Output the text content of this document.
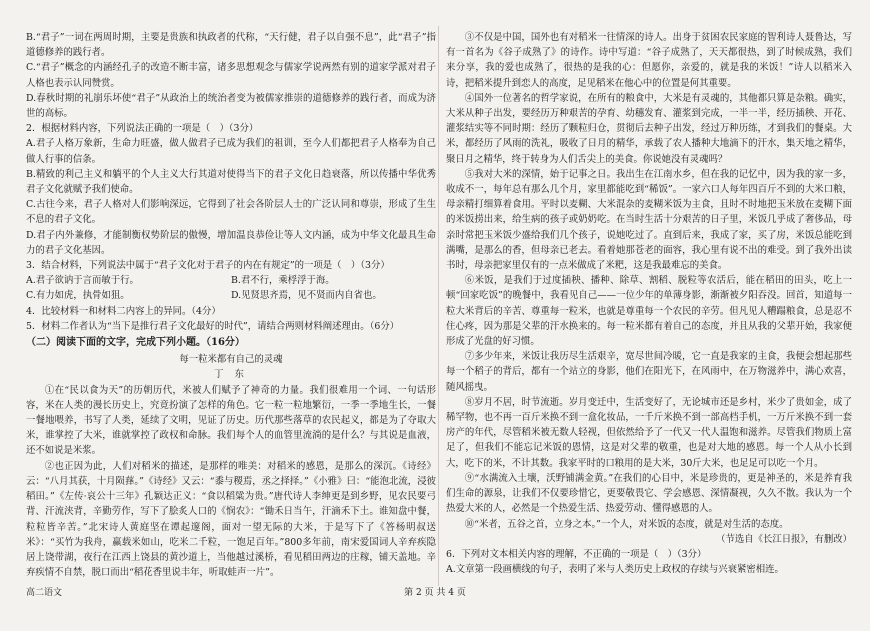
B.“君子”一词在两周时期，主要是贵族和执政者的代称，“天行健，君子以自强不息”，此“君子”指道德修养的践行者。

C.“君子”概念的内涵经孔子的改造不断丰富，诸多思想观念与儒家学说两然有别的道家学派对君子人格也表示认同赞赏。

D.春秋时期的礼崩乐坏使“君子”从政治上的统治者变为被儒家推崇的道德修养的践行者，而成为济世的高标。

2．根据材料内容，下列说法正确的一项是（　）（3分）

A.君子人格万象新，生命力旺盛，做人做君子已成为我们的祖训，至今人们都把君子人格奉为自己做人行事的信条。

B.精致的利己主义和躺平的个人主义大行其道对使得当下的君子文化日趋衰落，所以传播中华优秀君子文化就赋予我们使命。

C.古往今来，君子人格对人们影响深远，它得到了社会各阶层人士的广泛认同和尊崇，形成了生生不息的君子文化。

D.君子内外兼修，才能制衡权势阶层的傲慢，增加温良恭俭让等人文内涵，成为中华文化最具生命力的君子文化基因。

3．结合材料，下列说法中属于“君子文化对于君子的内在有规定”的一项是（　）（3分）

A.君子欲讷于言而敏于行。	B.君不行，乘桴浮于海。

C.有力如虎，执骨如狙。	D.见贤思齐焉，见不贤而内自省也。

4．比较材料一和材料二内容上的异同。（4分）

5．材料二作者认为“当下是推行君子文化最好的时代”，请结合两则材料阐述理由。（6分）

（二）阅读下面的文字，完成下列小题。（16分）

每一粒米都有自己的灵魂

丁 东

①在“民以食为天”的历朝历代，米被人们赋予了神奇的力量。我们很难用一个词、一句话形容，米在人类的漫长历史上，究竟扮演了怎样的角色。它一粒一粒地繁衍，一季一季地生长，一餐一餐地喂养，书写了人类，延续了文明，见证了历史。历代那些落草的农民起义，都是为了夺取大米，谁掌控了大米，谁就掌控了政权和命脉。我们每个人的血管里流淌的是什么？与其说是血液，还不如说是米浆。

②也正因为此，人们对稻米的描述，是那样的唯美：对稻米的感恩，是那么的深沉。《诗经》云：“八月其获，十月陨萚。”《诗经》又云：“黍与稷焉，丞之择择。”《小雅》曰：“能泡北流，浸彼稻田。”《左传·哀公十三年》孔颖达正义：“食以稻粱为贵。”唐代诗人李绅更是到乡野，见农民要弓背、汗流浃背，辛勤劳作，写下了脍炙人口的《悯农》：“锄禾日当午，汗滴禾下土。谁知盘中餐，粒粒皆辛苦。”北宋诗人黄庭坚在谭起邃阁，面对一望无际的大米，于是写下了《答杨明叔送米》：“买竹为我舟，赢载米如山，吃米二千粒，一饱足百年。”800多年前，南宋爱国词人辛弃疾隐居上饶带湖，夜行在江西上饶县的黄沙道上，当他越过溪桥，看见稻田两边的庄稼，铺天盖地。辛弃疾情不自禁，脱口而出“稻花香里说丰年，听取蛙声一片”。

③不仅是中国，国外也有对稻米一往情深的诗人。出身于贫困农民家庭的智利诗人聂鲁达，写有一首名为《谷子成熟了》的诗作。诗中写道：“谷子成熟了，天天都很热，到了时候成熟，我们来分享，我的爱也成熟了，很热的是我的心：但愿你，亲爱的，就是我的米饭！”诗人以稻米入诗，把稻米提升到恋人的高度，足见稻米在他心中的位置是何其重要。

④国外一位著名的哲学家说，在所有的粮食中，大米是有灵魂的，其他都只算是杂粮。确实，大米从种子出发，要经历万种艰苦的孕育、幼穗发育、灌浆到完成，一半一半，经历插秧、开花、灌浆结实等不同时期：经历了颗粒归仓，贯彻后去种子出发，经过万种历练，才到我们的餐桌。大米，都经历了风雨的洗礼，吸收了日月的精华，承载了农人播种大地滴下的汗水，集天地之精华，聚日月之精华，终于转身为人们舌尖上的美食。你说她没有灵魂吗？

⑤我对大米的深情，始于记事之日。我出生在江南水乡，但在我的记忆中，因为我的家一多，收成不一，每年总有那么几个月，家里都能吃到“稀饭”。一家六口人每年四百斤不到的大米口粮，母亲精打细算着食用。平时以麦糊、大米混杂的麦糊米饭为主食，且时不时地把玉米放在麦糊下面的米饭捞出来，给生病的孩子或奶奶吃。在当时生活十分艰苦的日子里，米饭几乎成了奢侈品，母亲时常把玉米饭少盛给我们几个孩子，说她吃过了。直到后来，我成了家，买了房，米饭总能吃到满嘴，是那么的香，但母亲已老去。看着她那苍老的面容，我心里有说不出的难受。到了我外出读书时，母亲把家里仅有的一点米做成了米粑，这是我最难忘的美食。

⑥米饭，是我们于过度插秧、播种、除草、割稻、脱粒等农活后，能在稻田的田头，吃上一顿“回家吃饭”的晚餐中，我看见自己——一位少年的单薄身影，渐渐被夕阳吞没。回首，知道每一粒大米背后的辛苦、尊重每一粒米，也就是尊重每一个农民的辛劳。但凡见人糟蹋粮食，总是忍不住心疼，因为那是父辈的汗水换来的。每一粒米都有着自己的态度，并且从我的父辈开始，我家便形成了光盘的好习惯。

⑦多少年来，米饭让我历尽生活艰辛，宽尽世间冷暖，它一直是我家的主食，我便会想起那些每一个稻子的背后，都有一个站立的身影，他们在阳光下，在风雨中，在万物滋养中，满心欢喜，随风摇曳。

⑧岁月不居，时节流逝。岁月变迁中，生活变好了，无论城市还是乡村，米少了贵如金，成了稀罕物，也不再一百斤米换不到一盒化妆品，一千斤米换不到一部高档手机，一万斤米换不到一套房产的年代，尽管稻米被无数人轻视，但依然给予了一代又一代人温饱和滋养。尽管我们物质上富足了，但我们不能忘记米饭的恩情，这是对父辈的敬重，也是对大地的感恩。每一个人从小长到大，吃下的米，不计其数。我家平时的口粮用的是大米，30斤大米，也足足可以吃一个月。

⑨“水满流入土壤，沃野铺满金黄。”在我们的心目中，米是珍贵的，更是神圣的，米是养育我们生命的源泉，让我们不仅要珍惜它，更要敬畏它、学会感恩、深情凝视，久久不散。我认为一个热爱大米的人，必然是一个热爱生活、热爱劳动、懂得感恩的人。

⑩“米者，五谷之首，立身之本。”一个人，对米饭的态度，就是对生活的态度。

（节选自《长江日报》，有删改）

6．下列对文本相关内容的理解，不正确的一项是（　）（3分）

A.文章第一段画横线的句子，表明了米与人类历史上政权的存续与兴衰紧密相连。

高二语文	第 2 页 共 4 页
